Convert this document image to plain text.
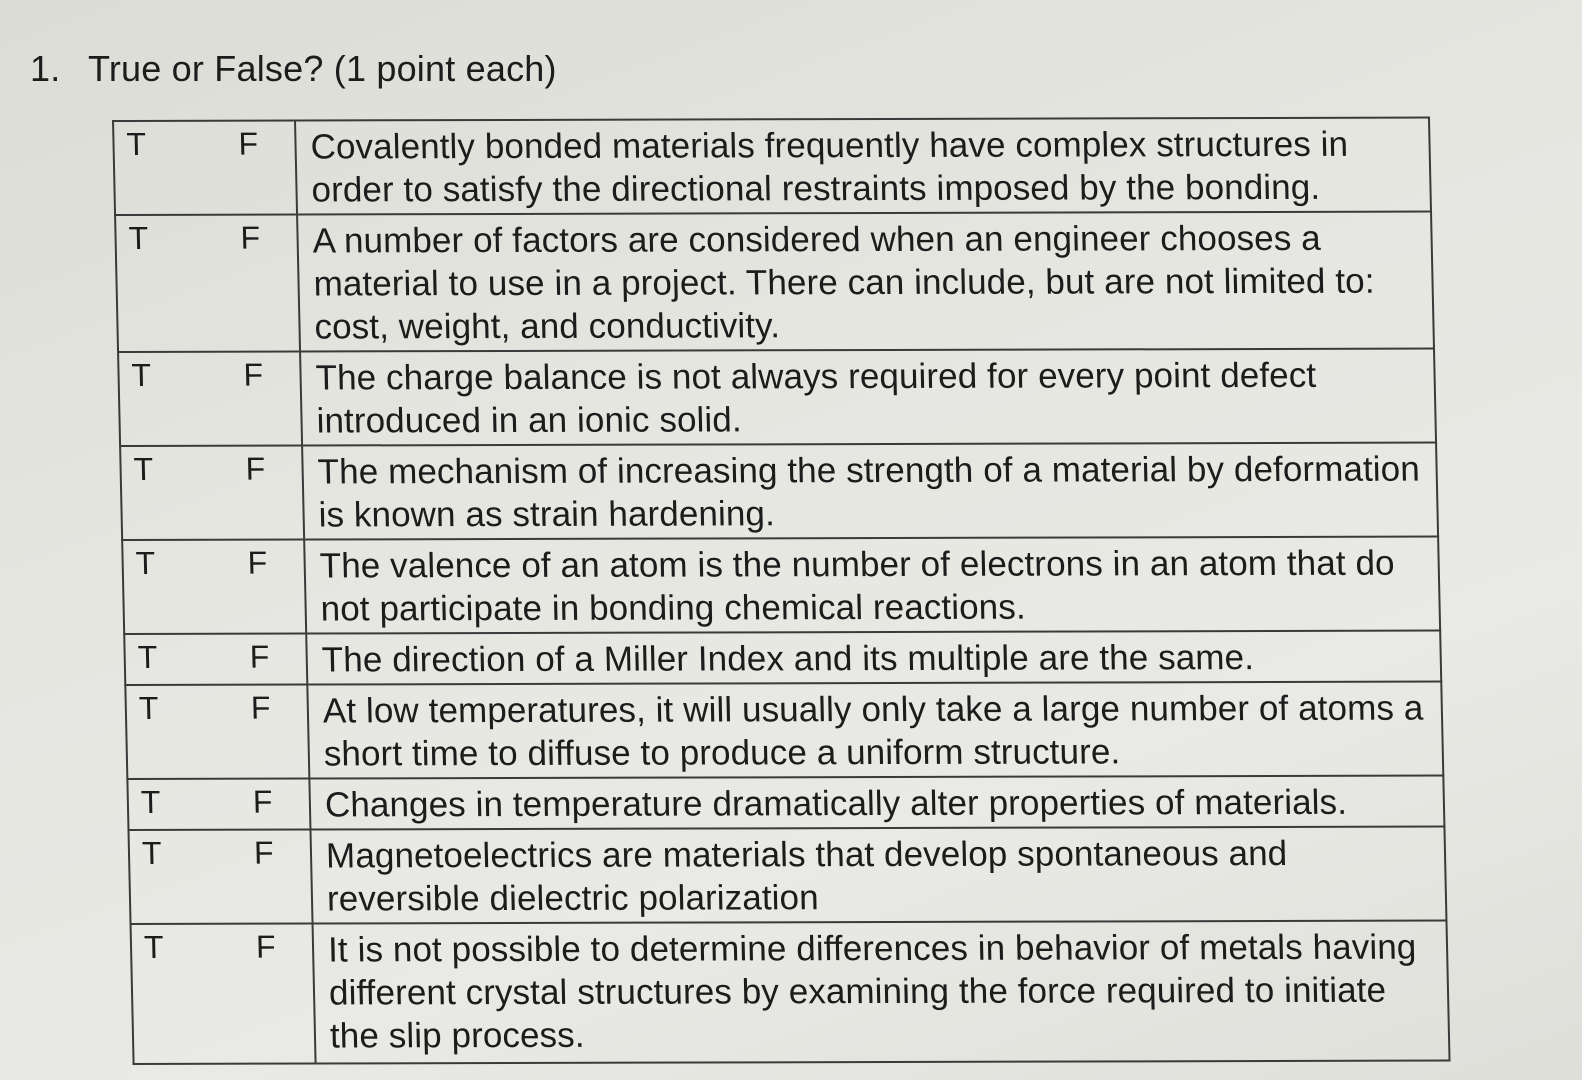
1. True or False? (1 point each)
T F	Covalently bonded materials frequently have complex structures in order to satisfy the directional restraints imposed by the bonding.

T F	A number of factors are considered when an engineer chooses a material to use in a project. There can include, but are not limited to: cost, weight, and conductivity.

T F	The charge balance is not always required for every point defect introduced in an ionic solid.

T F	The mechanism of increasing the strength of a material by deformation is known as strain hardening.

T F	The valence of an atom is the number of electrons in an atom that do not participate in bonding chemical reactions.

T F	The direction of a Miller Index and its multiple are the same.

T F	At low temperatures, it will usually only take a large number of atoms a short time to diffuse to produce a uniform structure.

T F	Changes in temperature dramatically alter properties of materials.

T F	Magnetoelectrics are materials that develop spontaneous and reversible dielectric polarization

T F	It is not possible to determine differences in behavior of metals having different crystal structures by examining the force required to initiate the slip process.
